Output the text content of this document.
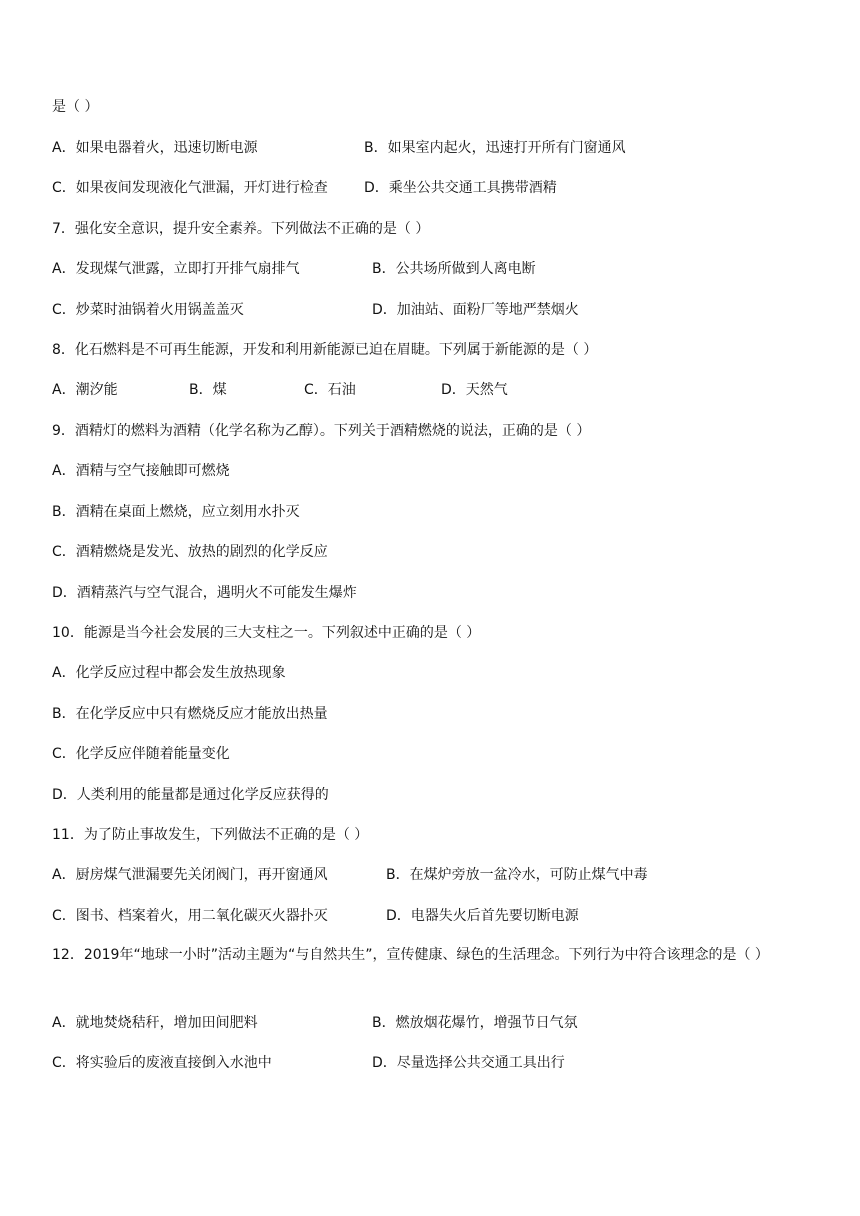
是（ ）
A．如果电器着火，迅速切断电源	B．如果室内起火，迅速打开所有门窗通风
C．如果夜间发现液化气泄漏，开灯进行检查	D．乘坐公共交通工具携带酒精
7．强化安全意识，提升安全素养。下列做法不正确的是（ ）
A．发现煤气泄露，立即打开排气扇排气	B．公共场所做到人离电断
C．炒菜时油锅着火用锅盖盖灭	D．加油站、面粉厂等地严禁烟火
8．化石燃料是不可再生能源，开发和利用新能源已迫在眉睫。下列属于新能源的是（ ）
A．潮汐能	B．煤	C．石油	D．天然气
9．酒精灯的燃料为酒精（化学名称为乙醇）。下列关于酒精燃烧的说法，正确的是（ ）
A．酒精与空气接触即可燃烧
B．酒精在桌面上燃烧，应立刻用水扑灭
C．酒精燃烧是发光、放热的剧烈的化学反应
D．酒精蒸汽与空气混合，遇明火不可能发生爆炸
10．能源是当今社会发展的三大支柱之一。下列叙述中正确的是（ ）
A．化学反应过程中都会发生放热现象
B．在化学反应中只有燃烧反应才能放出热量
C．化学反应伴随着能量变化
D．人类利用的能量都是通过化学反应获得的
11．为了防止事故发生，下列做法不正确的是（ ）
A．厨房煤气泄漏要先关闭阀门，再开窗通风	B．在煤炉旁放一盆冷水，可防止煤气中毒
C．图书、档案着火，用二氧化碳灭火器扑灭	D．电器失火后首先要切断电源
12．2019年“地球一小时”活动主题为“与自然共生”，宣传健康、绿色的生活理念。下列行为中符合该理念的是（ ）
A．就地焚烧秸秆，增加田间肥料	B．燃放烟花爆竹，增强节日气氛
C．将实验后的废液直接倒入水池中	D．尽量选择公共交通工具出行
